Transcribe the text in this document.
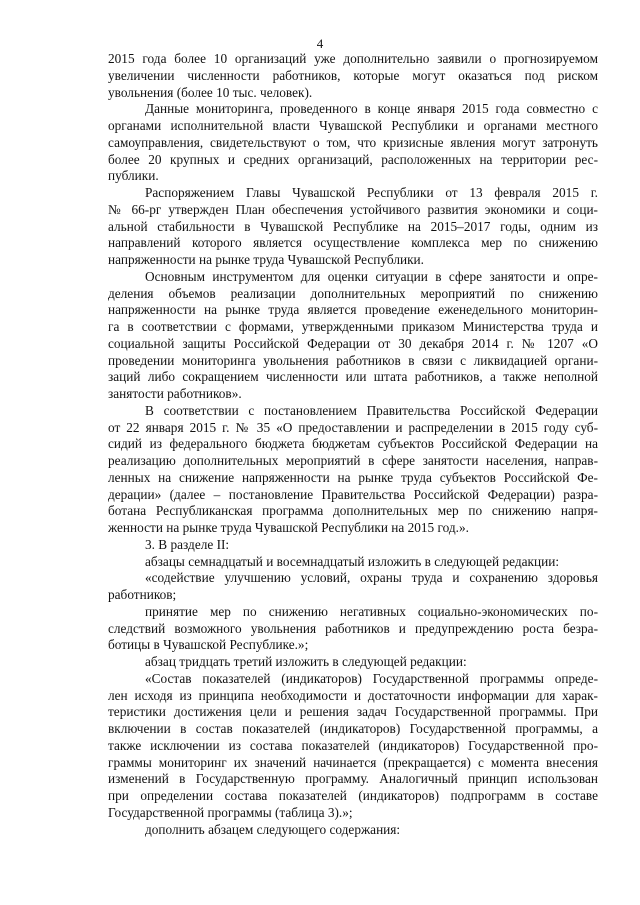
4
2015 года более 10 организаций уже дополнительно заявили о прогнозируемом
увеличении численности работников, которые могут оказаться под риском
увольнения (более 10 тыс. человек).
Данные мониторинга, проведенного в конце января 2015 года совместно с
органами исполнительной власти Чувашской Республики и органами местного
самоуправления, свидетельствуют о том, что кризисные явления могут затронуть
более 20 крупных и средних организаций, расположенных на территории рес-
публики.
Распоряжением Главы Чувашской Республики от 13 февраля 2015 г.
№ 66-рг утвержден План обеспечения устойчивого развития экономики и соци-
альной стабильности в Чувашской Республике на 2015–2017 годы, одним из
направлений которого является осуществление комплекса мер по снижению
напряженности на рынке труда Чувашской Республики.
Основным инструментом для оценки ситуации в сфере занятости и опре-
деления объемов реализации дополнительных мероприятий по снижению
напряженности на рынке труда является проведение еженедельного мониторин-
га в соответствии с формами, утвержденными приказом Министерства труда и
социальной защиты Российской Федерации от 30 декабря 2014 г. № 1207 «О
проведении мониторинга увольнения работников в связи с ликвидацией органи-
заций либо сокращением численности или штата работников, а также неполной
занятости работников».
В соответствии с постановлением Правительства Российской Федерации
от 22 января 2015 г. № 35 «О предоставлении и распределении в 2015 году суб-
сидий из федерального бюджета бюджетам субъектов Российской Федерации на
реализацию дополнительных мероприятий в сфере занятости населения, направ-
ленных на снижение напряженности на рынке труда субъектов Российской Фе-
дерации» (далее – постановление Правительства Российской Федерации) разра-
ботана Республиканская программа дополнительных мер по снижению напря-
женности на рынке труда Чувашской Республики на 2015 год.».
3. В разделе II:
абзацы семнадцатый и восемнадцатый изложить в следующей редакции:
«содействие улучшению условий, охраны труда и сохранению здоровья
работников;
принятие мер по снижению негативных социально-экономических по-
следствий возможного увольнения работников и предупреждению роста безра-
ботицы в Чувашской Республике.»;
абзац тридцать третий изложить в следующей редакции:
«Состав показателей (индикаторов) Государственной программы опреде-
лен исходя из принципа необходимости и достаточности информации для харак-
теристики достижения цели и решения задач Государственной программы. При
включении в состав показателей (индикаторов) Государственной программы, а
также исключении из состава показателей (индикаторов) Государственной про-
граммы мониторинг их значений начинается (прекращается) с момента внесения
изменений в Государственную программу. Аналогичный принцип использован
при определении состава показателей (индикаторов) подпрограмм в составе
Государственной программы (таблица 3).»;
дополнить абзацем следующего содержания:
